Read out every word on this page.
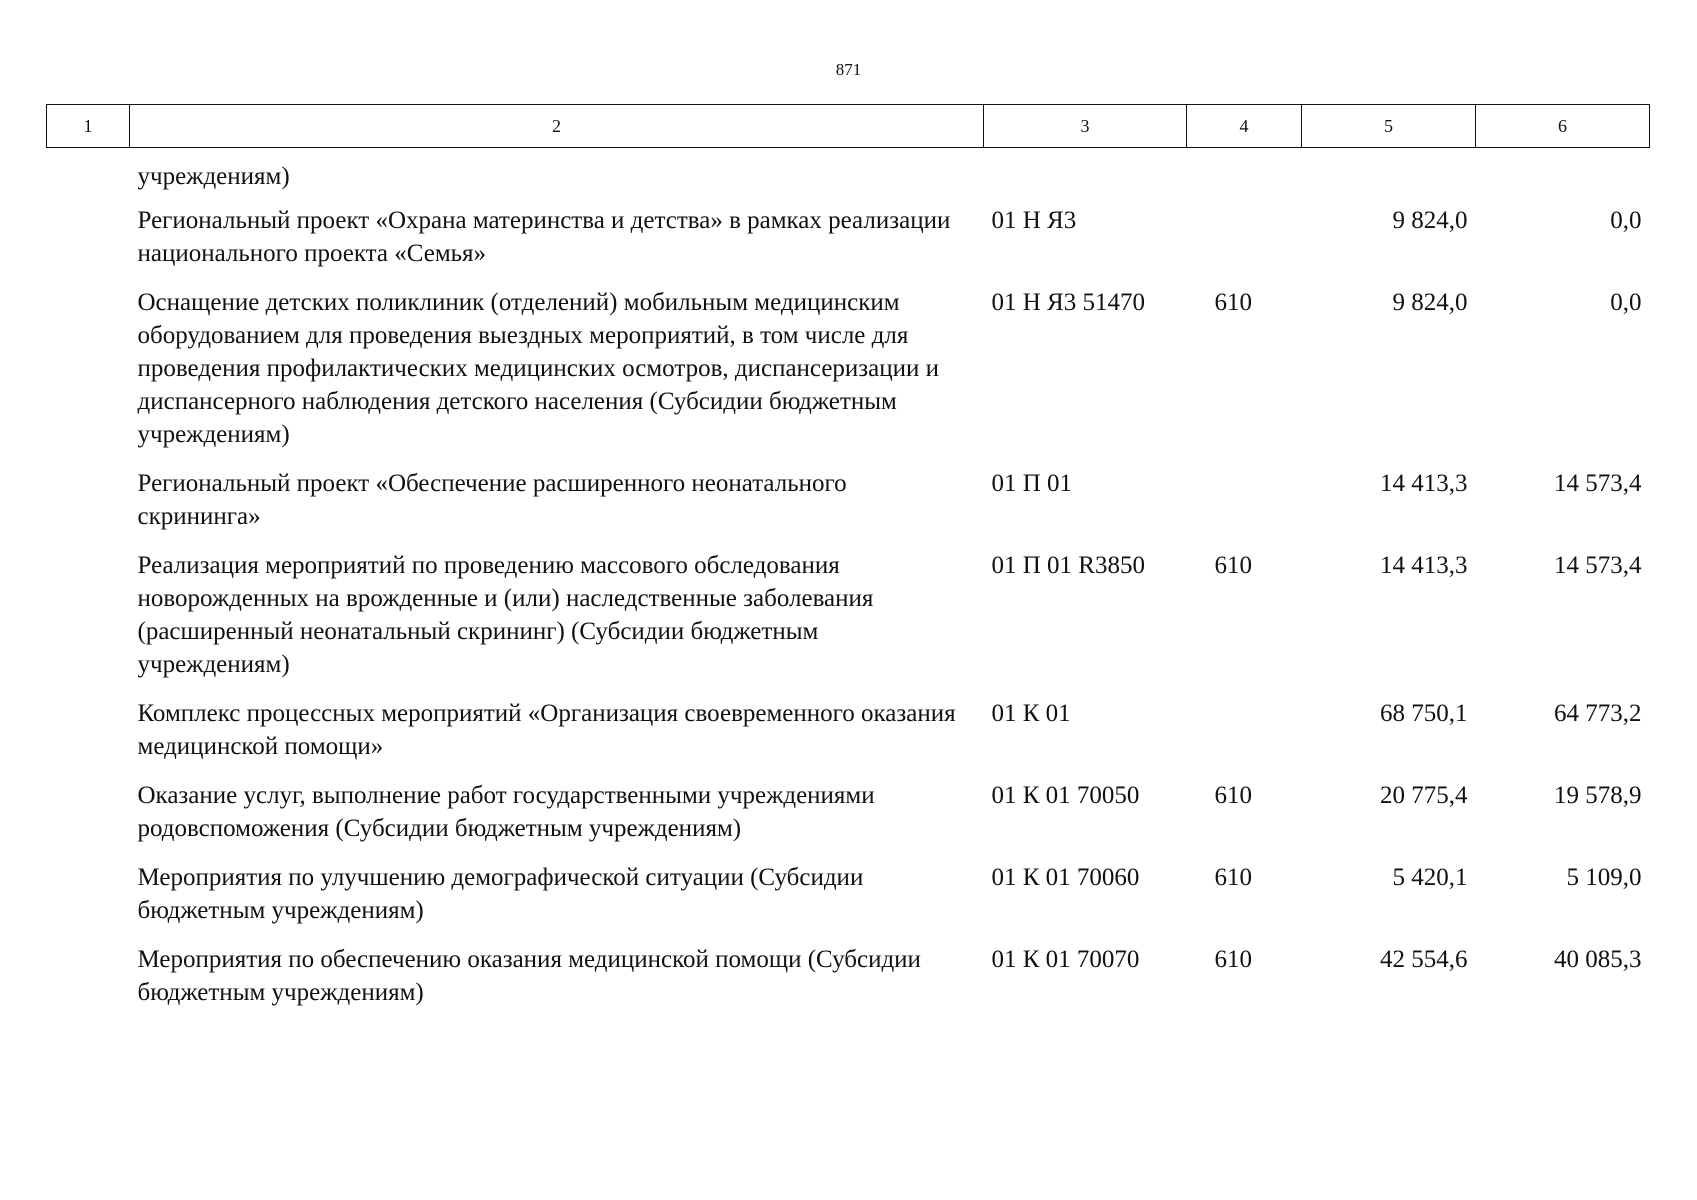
871
1	2	3	4	5	6
	учреждениям)				
	Региональный проект «Охрана материнства и детства» в рамках реализации национального проекта «Семья»	01 Н Я3		9 824,0	0,0
	Оснащение детских поликлиник (отделений) мобильным медицинским оборудованием для проведения выездных мероприятий, в том числе для проведения профилактических медицинских осмотров, диспансеризации и диспансерного наблюдения детского населения (Субсидии бюджетным учреждениям)	01 Н Я3 51470	610	9 824,0	0,0
	Региональный проект «Обеспечение расширенного неонатального скрининга»	01 П 01		14 413,3	14 573,4
	Реализация мероприятий по проведению массового обследования новорожденных на врожденные и (или) наследственные заболевания (расширенный неонатальный скрининг) (Субсидии бюджетным учреждениям)	01 П 01 R3850	610	14 413,3	14 573,4
	Комплекс процессных мероприятий «Организация своевременного оказания медицинской помощи»	01 К 01		68 750,1	64 773,2
	Оказание услуг, выполнение работ государственными учреждениями родовспоможения (Субсидии бюджетным учреждениям)	01 К 01 70050	610	20 775,4	19 578,9
	Мероприятия по улучшению демографической ситуации (Субсидии бюджетным учреждениям)	01 К 01 70060	610	5 420,1	5 109,0
	Мероприятия по обеспечению оказания медицинской помощи (Субсидии бюджетным учреждениям)	01 К 01 70070	610	42 554,6	40 085,3
